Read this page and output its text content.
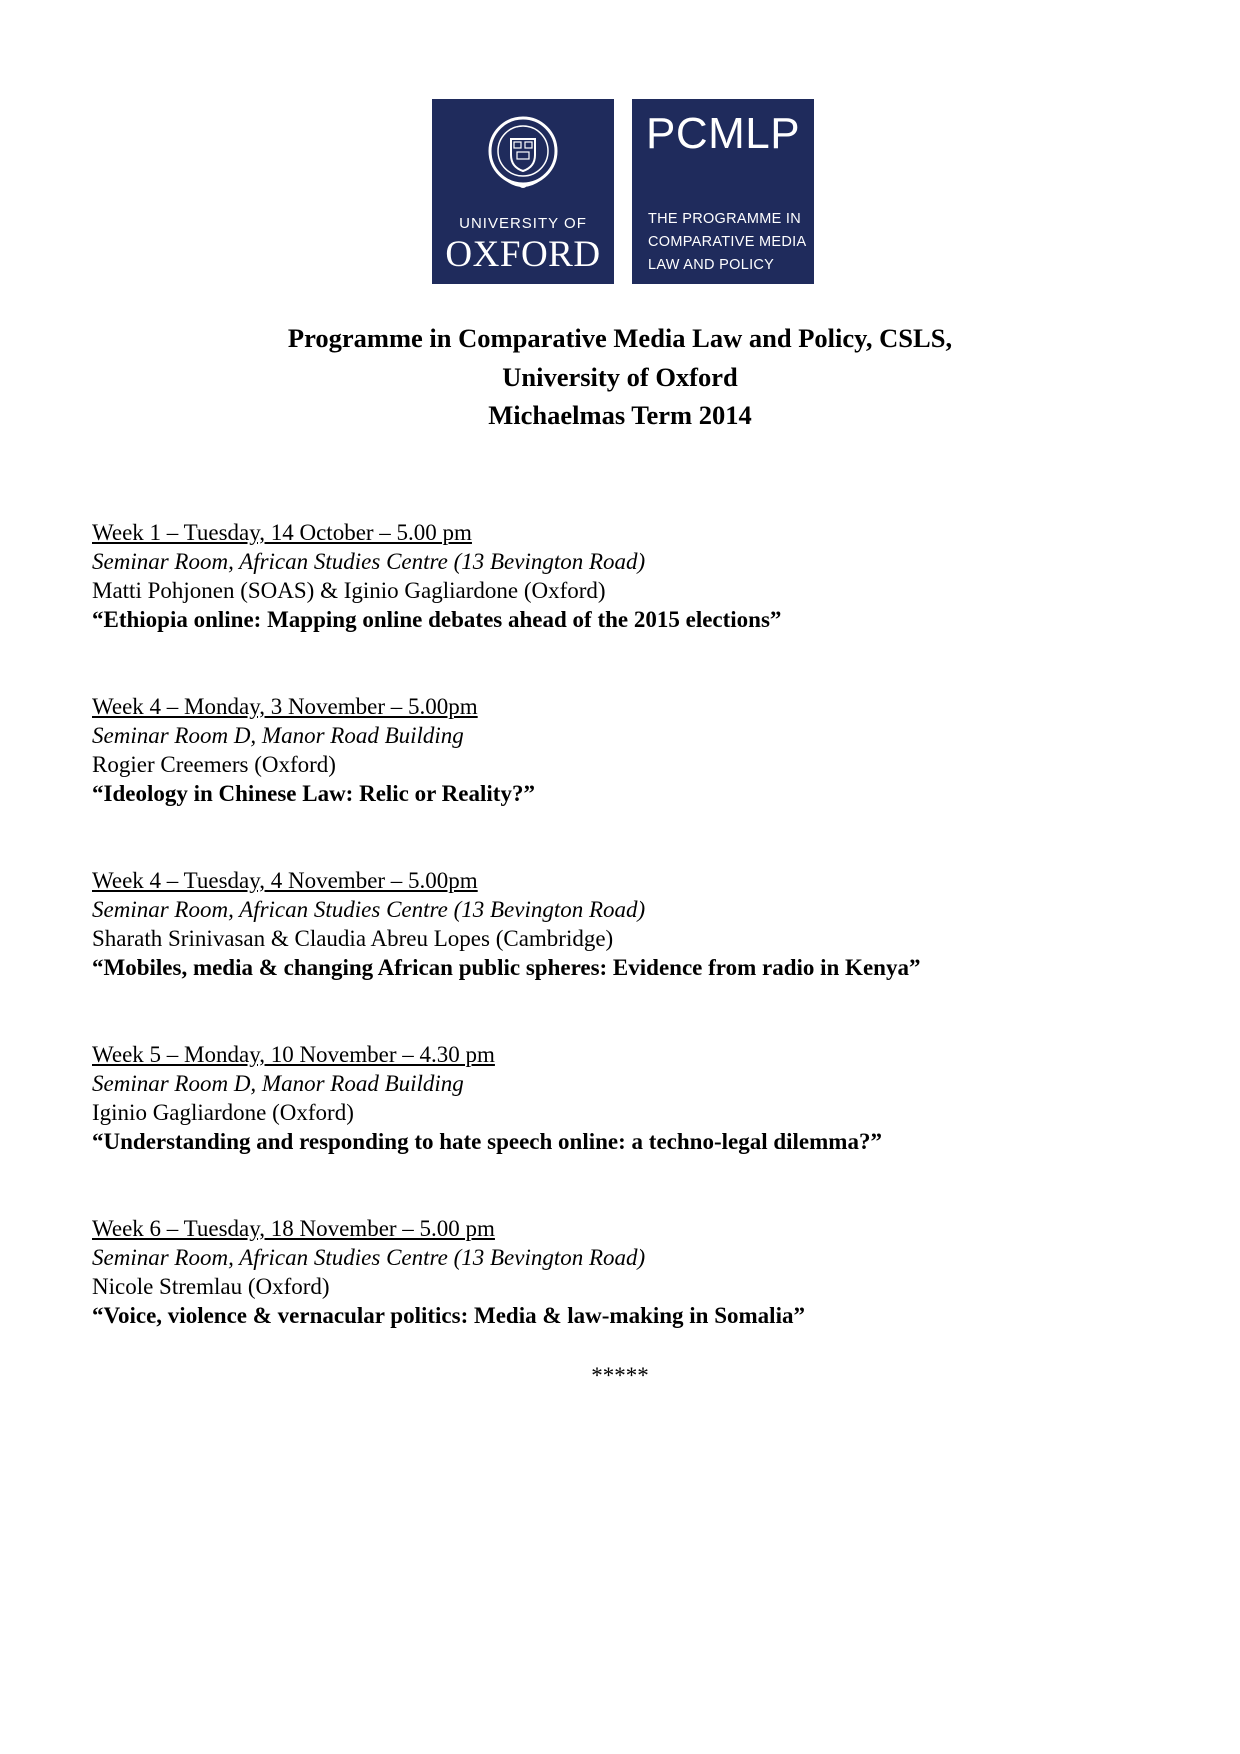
UNIVERSITY OF
OXFORD
PCMLP
THE PROGRAMME IN
COMPARATIVE MEDIA
LAW AND POLICY
Programme in Comparative Media Law and Policy, CSLS,
University of Oxford
Michaelmas Term 2014
Week 1 – Tuesday, 14 October – 5.00 pm
Seminar Room, African Studies Centre (13 Bevington Road)
Matti Pohjonen (SOAS) & Iginio Gagliardone (Oxford)
“Ethiopia online: Mapping online debates ahead of the 2015 elections”
Week 4 – Monday, 3 November – 5.00pm
Seminar Room D, Manor Road Building
Rogier Creemers (Oxford)
“Ideology in Chinese Law: Relic or Reality?”
Week 4 – Tuesday, 4 November – 5.00pm
Seminar Room, African Studies Centre (13 Bevington Road)
Sharath Srinivasan & Claudia Abreu Lopes (Cambridge)
“Mobiles, media & changing African public spheres: Evidence from radio in Kenya”
Week 5 – Monday, 10 November – 4.30 pm
Seminar Room D, Manor Road Building
Iginio Gagliardone (Oxford)
“Understanding and responding to hate speech online: a techno-legal dilemma?”
Week 6 – Tuesday, 18 November – 5.00 pm
Seminar Room, African Studies Centre (13 Bevington Road)
Nicole Stremlau (Oxford)
“Voice, violence & vernacular politics: Media & law-making in Somalia”
*****
